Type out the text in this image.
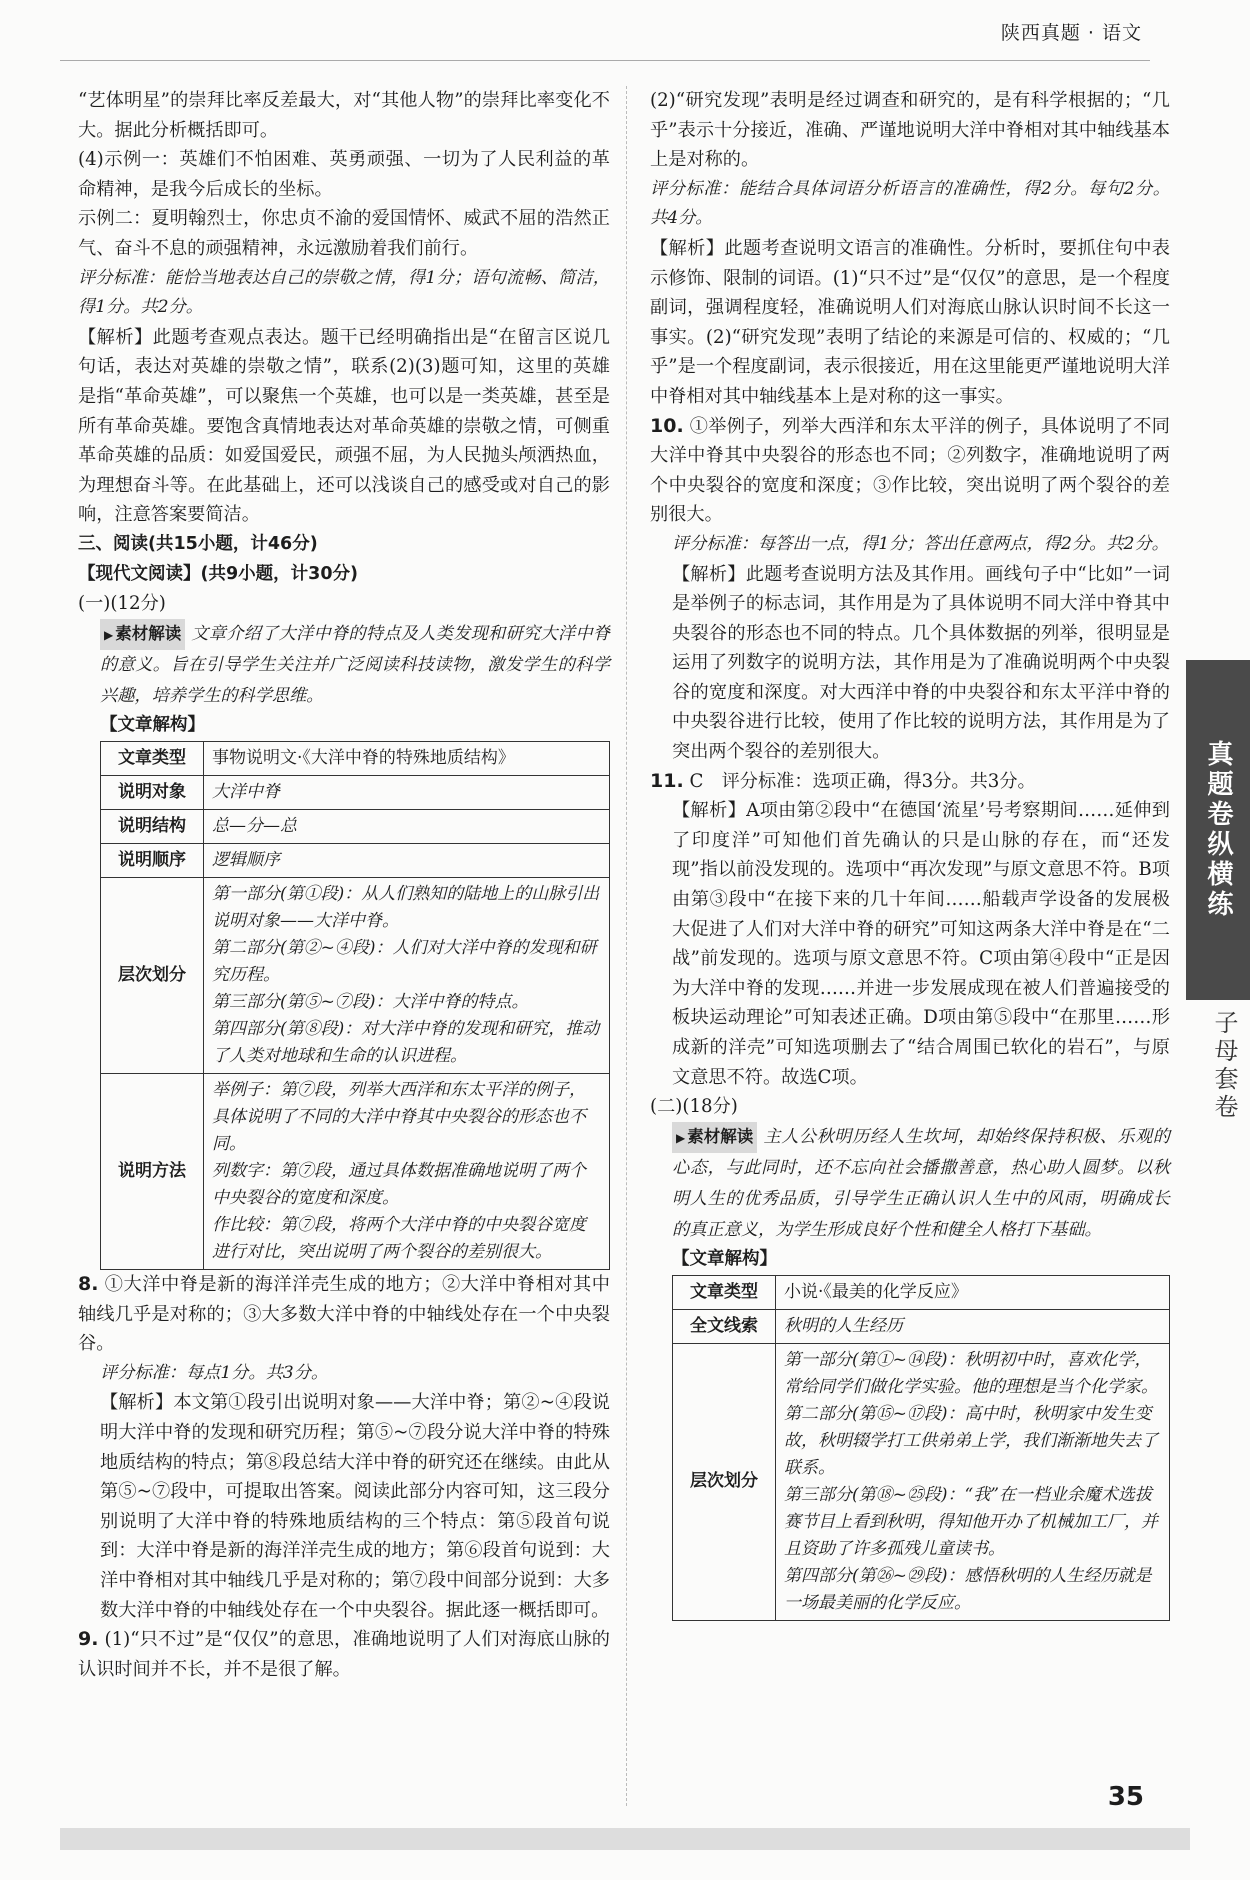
陕西真题 · 语文

“艺体明星”的崇拜比率反差最大，对“其他人物”的崇拜比率变化不大。据此分析概括即可。

(4)示例一：英雄们不怕困难、英勇顽强、一切为了人民利益的革命精神，是我今后成长的坐标。

示例二：夏明翰烈士，你忠贞不渝的爱国情怀、威武不屈的浩然正气、奋斗不息的顽强精神，永远激励着我们前行。

评分标准：能恰当地表达自己的崇敬之情，得1分；语句流畅、简洁，得1分。共2分。

【解析】此题考查观点表达。题干已经明确指出是“在留言区说几句话，表达对英雄的崇敬之情”，联系(2)(3)题可知，这里的英雄是指“革命英雄”，可以聚焦一个英雄，也可以是一类英雄，甚至是所有革命英雄。要饱含真情地表达对革命英雄的崇敬之情，可侧重革命英雄的品质：如爱国爱民，顽强不屈，为人民抛头颅洒热血，为理想奋斗等。在此基础上，还可以浅谈自己的感受或对自己的影响，注意答案要简洁。

三、阅读(共15小题，计46分)

【现代文阅读】(共9小题，计30分)

(一)(12分)

▶ 素材解读 文章介绍了大洋中脊的特点及人类发现和研究大洋中脊的意义。旨在引导学生关注并广泛阅读科技读物，激发学生的科学兴趣，培养学生的科学思维。

【文章解构】

文章类型	事物说明文·《大洋中脊的特殊地质结构》
说明对象	大洋中脊
说明结构	总—分—总
说明顺序	逻辑顺序
层次划分	第一部分(第①段)：从人们熟知的陆地上的山脉引出说明对象——大洋中脊。
第二部分(第②~④段)：人们对大洋中脊的发现和研究历程。
第三部分(第⑤~⑦段)：大洋中脊的特点。
第四部分(第⑧段)：对大洋中脊的发现和研究，推动了人类对地球和生命的认识进程。

说明方法	举例子：第⑦段，列举大西洋和东太平洋的例子，具体说明了不同的大洋中脊其中央裂谷的形态也不同。
列数字：第⑦段，通过具体数据准确地说明了两个中央裂谷的宽度和深度。
作比较：第⑦段，将两个大洋中脊的中央裂谷宽度进行对比，突出说明了两个裂谷的差别很大。

8. ①大洋中脊是新的海洋洋壳生成的地方；②大洋中脊相对其中轴线几乎是对称的；③大多数大洋中脊的中轴线处存在一个中央裂谷。

评分标准：每点1分。共3分。

【解析】本文第①段引出说明对象——大洋中脊；第②~④段说明大洋中脊的发现和研究历程；第⑤~⑦段分说大洋中脊的特殊地质结构的特点；第⑧段总结大洋中脊的研究还在继续。由此从第⑤~⑦段中，可提取出答案。阅读此部分内容可知，这三段分别说明了大洋中脊的特殊地质结构的三个特点：第⑤段首句说到：大洋中脊是新的海洋洋壳生成的地方；第⑥段首句说到：大洋中脊相对其中轴线几乎是对称的；第⑦段中间部分说到：大多数大洋中脊的中轴线处存在一个中央裂谷。据此逐一概括即可。

9. (1)“只不过”是“仅仅”的意思，准确地说明了人们对海底山脉的认识时间并不长，并不是很了解。

(2)“研究发现”表明是经过调查和研究的，是有科学根据的；“几乎”表示十分接近，准确、严谨地说明大洋中脊相对其中轴线基本上是对称的。

评分标准：能结合具体词语分析语言的准确性，得2分。每句2分。共4分。

【解析】此题考查说明文语言的准确性。分析时，要抓住句中表示修饰、限制的词语。(1)“只不过”是“仅仅”的意思，是一个程度副词，强调程度轻，准确说明人们对海底山脉认识时间不长这一事实。(2)“研究发现”表明了结论的来源是可信的、权威的；“几乎”是一个程度副词，表示很接近，用在这里能更严谨地说明大洋中脊相对其中轴线基本上是对称的这一事实。

10. ①举例子，列举大西洋和东太平洋的例子，具体说明了不同大洋中脊其中央裂谷的形态也不同；②列数字，准确地说明了两个中央裂谷的宽度和深度；③作比较，突出说明了两个裂谷的差别很大。

评分标准：每答出一点，得1分；答出任意两点，得2分。共2分。

【解析】此题考查说明方法及其作用。画线句子中“比如”一词是举例子的标志词，其作用是为了具体说明不同大洋中脊其中央裂谷的形态也不同的特点。几个具体数据的列举，很明显是运用了列数字的说明方法，其作用是为了准确说明两个中央裂谷的宽度和深度。对大西洋中脊的中央裂谷和东太平洋中脊的中央裂谷进行比较，使用了作比较的说明方法，其作用是为了突出两个裂谷的差别很大。

11. C　评分标准：选项正确，得3分。共3分。

【解析】A项由第②段中“在德国‘流星’号考察期间……延伸到了印度洋”可知他们首先确认的只是山脉的存在，而“还发现”指以前没发现的。选项中“再次发现”与原文意思不符。B项由第③段中“在接下来的几十年间……船载声学设备的发展极大促进了人们对大洋中脊的研究”可知这两条大洋中脊是在“二战”前发现的。选项与原文意思不符。C项由第④段中“正是因为大洋中脊的发现……并进一步发展成现在被人们普遍接受的板块运动理论”可知表述正确。D项由第⑤段中“在那里……形成新的洋壳”可知选项删去了“结合周围已软化的岩石”，与原文意思不符。故选C项。

(二)(18分)

▶ 素材解读 主人公秋明历经人生坎坷，却始终保持积极、乐观的心态，与此同时，还不忘向社会播撒善意，热心助人圆梦。以秋明人生的优秀品质，引导学生正确认识人生中的风雨，明确成长的真正意义，为学生形成良好个性和健全人格打下基础。

【文章解构】

文章类型	小说·《最美的化学反应》
全文线索	秋明的人生经历
层次划分	第一部分(第①~⑭段)：秋明初中时，喜欢化学，常给同学们做化学实验。他的理想是当个化学家。
第二部分(第⑮~⑰段)：高中时，秋明家中发生变故，秋明辍学打工供弟弟上学，我们渐渐地失去了联系。
第三部分(第⑱~㉕段)：“我”在一档业余魔术选拔赛节目上看到秋明，得知他开办了机械加工厂，并且资助了许多孤残儿童读书。
第四部分(第㉖~㉙段)：感悟秋明的人生经历就是一场最美丽的化学反应。
真题卷纵横练
子母套卷
35
